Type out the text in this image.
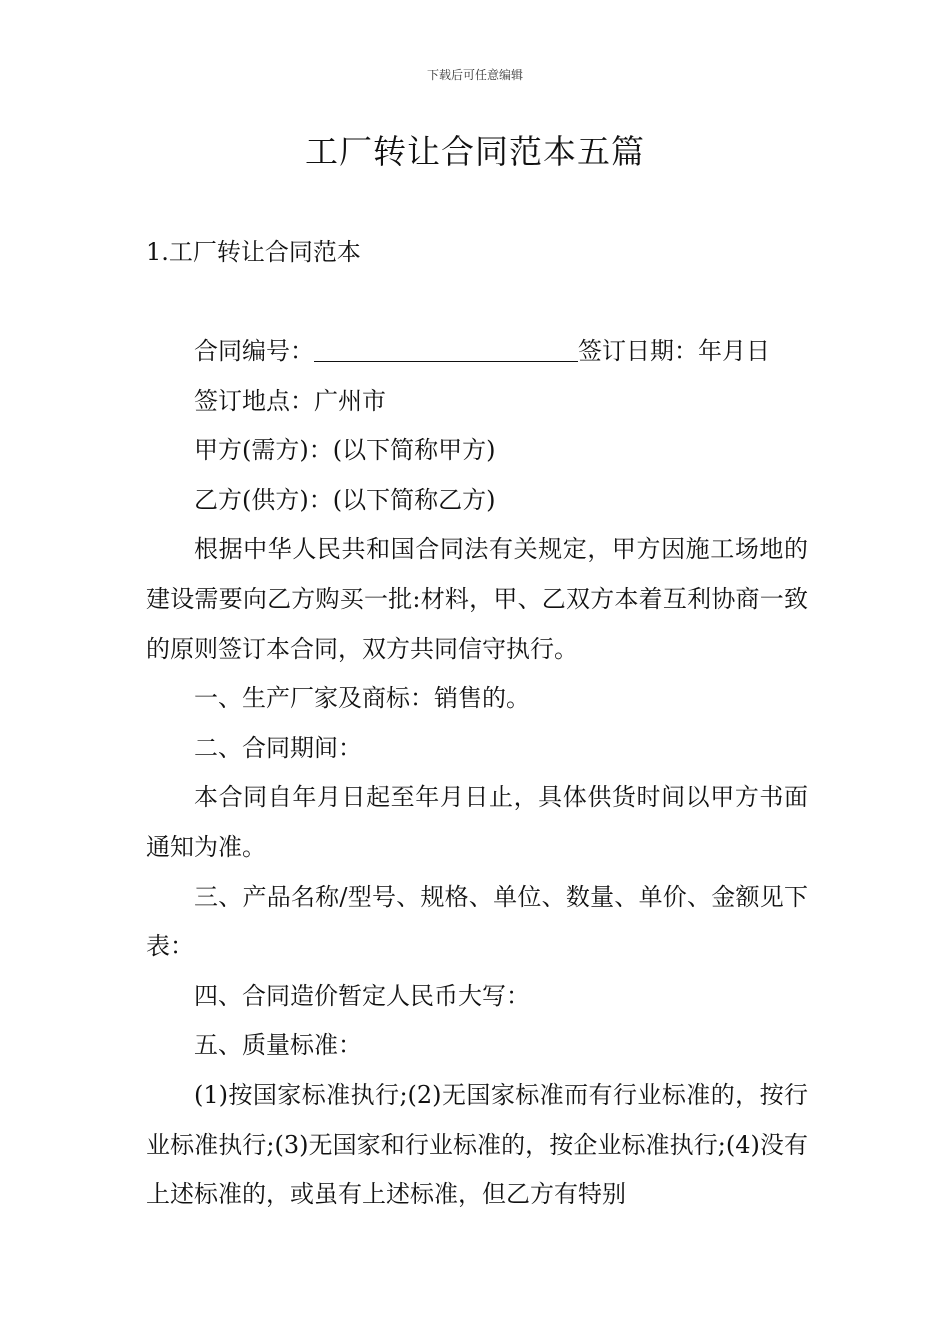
下载后可任意编辑
工厂转让合同范本五篇
1.工厂转让合同范本

合同编号：	签订日期：年月日

签订地点：广州市

甲方(需方)：(以下简称甲方)

乙方(供方)：(以下简称乙方)

根据中华人民共和国合同法有关规定，甲方因施工场地的建设需要向乙方购买一批:材料，甲、乙双方本着互利协商一致的原则签订本合同，双方共同信守执行。

一、生产厂家及商标：销售的。

二、合同期间：

本合同自年月日起至年月日止，具体供货时间以甲方书面通知为准。

三、产品名称/型号、规格、单位、数量、单价、金额见下表：

四、合同造价暂定人民币大写：

五、质量标准：

(1)按国家标准执行;(2)无国家标准而有行业标准的，按行业标准执行;(3)无国家和行业标准的，按企业标准执行;(4)没有上述标准的，或虽有上述标准，但乙方有特别
